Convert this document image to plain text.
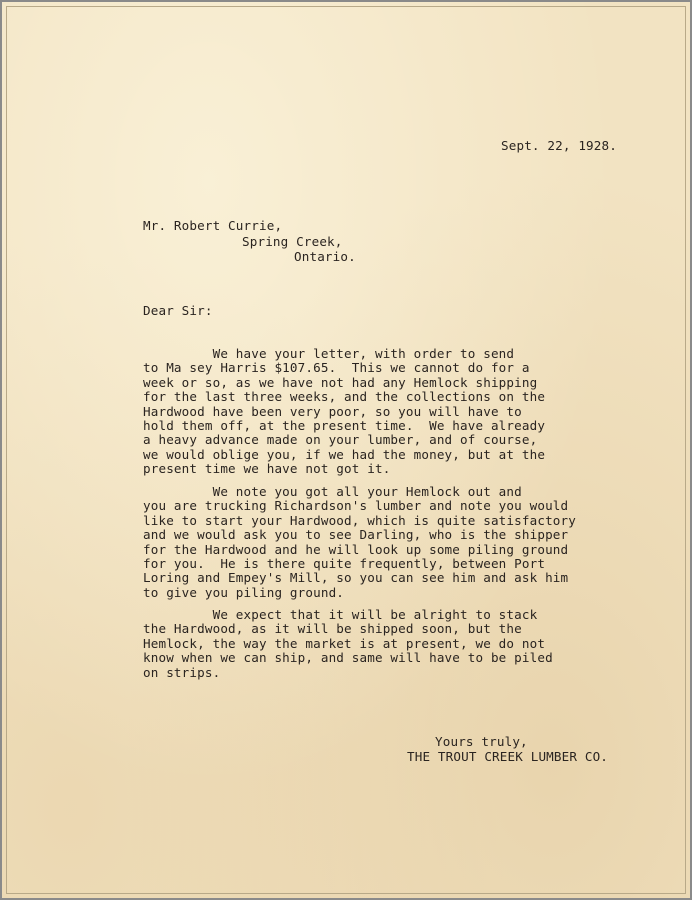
Sept. 22, 1928.
Mr. Robert Currie,
Spring Creek,
Ontario.
Dear Sir:
We have your letter, with order to send
to Ma sey Harris $107.65.  This we cannot do for a
week or so, as we have not had any Hemlock shipping
for the last three weeks, and the collections on the
Hardwood have been very poor, so you will have to
hold them off, at the present time.  We have already
a heavy advance made on your lumber, and of course,
we would oblige you, if we had the money, but at the
present time we have not got it.
We note you got all your Hemlock out and
you are trucking Richardson's lumber and note you would
like to start your Hardwood, which is quite satisfactory
and we would ask you to see Darling, who is the shipper
for the Hardwood and he will look up some piling ground
for you.  He is there quite frequently, between Port
Loring and Empey's Mill, so you can see him and ask him
to give you piling ground.
We expect that it will be alright to stack
the Hardwood, as it will be shipped soon, but the
Hemlock, the way the market is at present, we do not
know when we can ship, and same will have to be piled
on strips.
Yours truly,
THE TROUT CREEK LUMBER CO.
